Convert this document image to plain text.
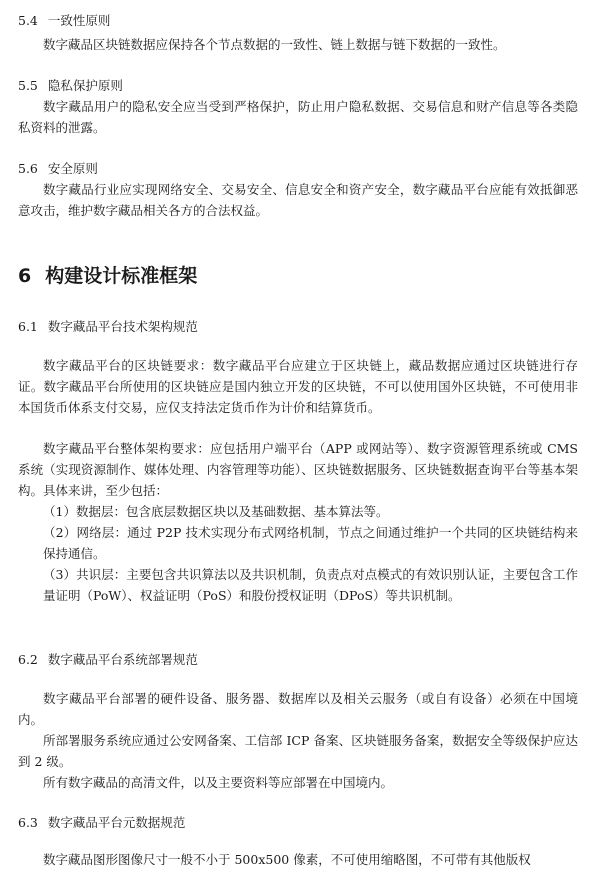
5.4 一致性原则
数字藏品区块链数据应保持各个节点数据的一致性、链上数据与链下数据的一致性。
5.5 隐私保护原则
数字藏品用户的隐私安全应当受到严格保护，防止用户隐私数据、交易信息和财产信息等各类隐私资料的泄露。
5.6 安全原则
数字藏品行业应实现网络安全、交易安全、信息安全和资产安全，数字藏品平台应能有效抵御恶意攻击，维护数字藏品相关各方的合法权益。
6 构建设计标准框架
6.1 数字藏品平台技术架构规范
数字藏品平台的区块链要求：数字藏品平台应建立于区块链上，藏品数据应通过区块链进行存证。数字藏品平台所使用的区块链应是国内独立开发的区块链，不可以使用国外区块链，不可使用非本国货币体系支付交易，应仅支持法定货币作为计价和结算货币。
数字藏品平台整体架构要求：应包括用户端平台（APP 或网站等）、数字资源管理系统或 CMS 系统（实现资源制作、媒体处理、内容管理等功能）、区块链数据服务、区块链数据查询平台等基本架构。具体来讲，至少包括：
（1）数据层：包含底层数据区块以及基础数据、基本算法等。
（2）网络层：通过 P2P 技术实现分布式网络机制，节点之间通过维护一个共同的区块链结构来保持通信。
（3）共识层：主要包含共识算法以及共识机制，负责点对点模式的有效识别认证，主要包含工作量证明（PoW）、权益证明（PoS）和股份授权证明（DPoS）等共识机制。
6.2 数字藏品平台系统部署规范
数字藏品平台部署的硬件设备、服务器、数据库以及相关云服务（或自有设备）必须在中国境内。
所部署服务系统应通过公安网备案、工信部 ICP 备案、区块链服务备案，数据安全等级保护应达到 2 级。
所有数字藏品的高清文件，以及主要资料等应部署在中国境内。
6.3 数字藏品平台元数据规范
数字藏品图形图像尺寸一般不小于 500x500 像素，不可使用缩略图，不可带有其他版权
